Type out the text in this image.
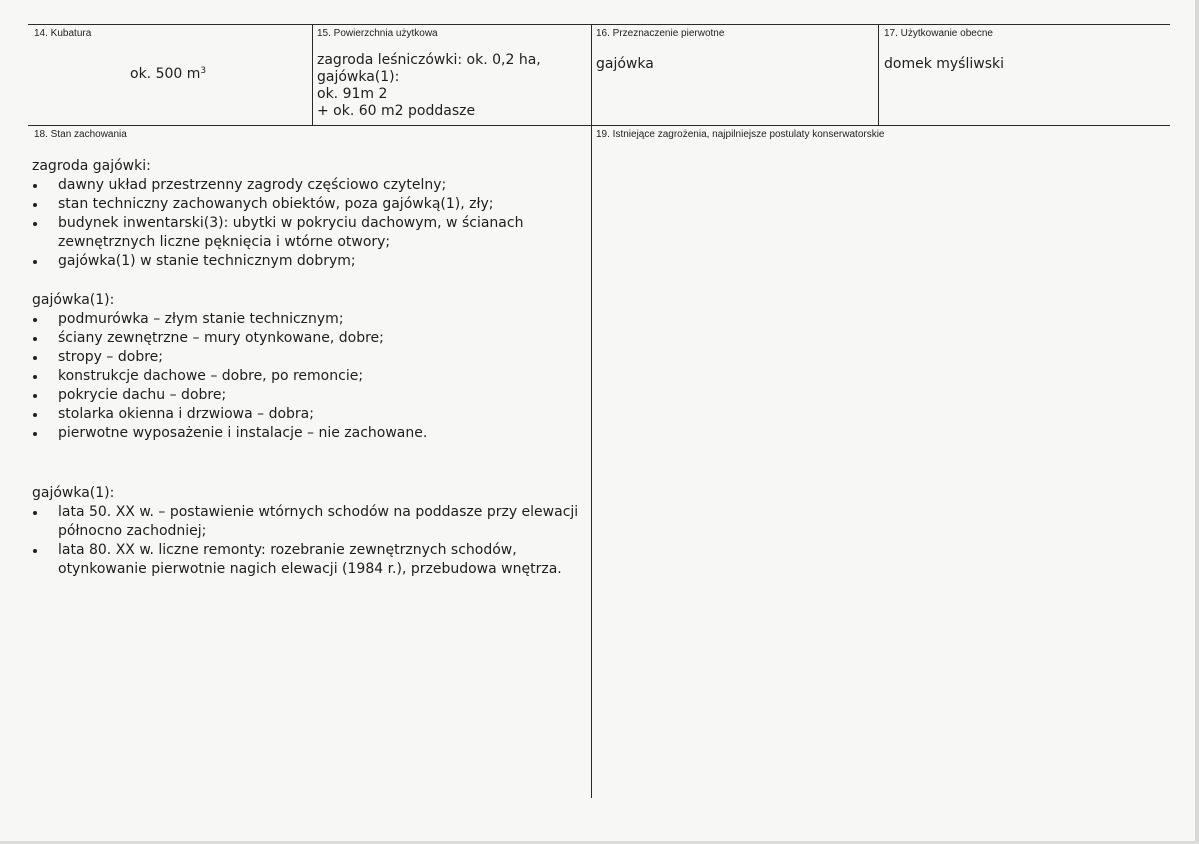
14. Kubatura
ok. 500 $m^3$
15. Powierzchnia użytkowa
zagroda leśniczówki: ok. 0,2 ha,
gajówka(1):
ok. 91m 2
+ ok. 60 m2 poddasze
16. Przeznaczenie pierwotne
gajówka
17. Użytkowanie obecne
domek myśliwski
18. Stan zachowania	19. Istniejące zagrożenia, najpilniejsze postulaty konserwatorskie
zagroda gajówki:
dawny układ przestrzenny zagrody częściowo czytelny;
stan techniczny zachowanych obiektów, poza gajówką(1), zły;
budynek inwentarski(3): ubytki w pokryciu dachowym, w ścianach zewnętrznych liczne pęknięcia i wtórne otwory;
gajówka(1) w stanie technicznym dobrym;
gajówka(1):
podmurówka – złym stanie technicznym;
ściany zewnętrzne – mury otynkowane, dobre;
stropy – dobre;
konstrukcje dachowe – dobre, po remoncie;
pokrycie dachu – dobre;
stolarka okienna i drzwiowa – dobra;
pierwotne wyposażenie i instalacje – nie zachowane.
gajówka(1):
lata 50. XX w. – postawienie wtórnych schodów na poddasze przy elewacji północno zachodniej;
lata 80. XX w. liczne remonty: rozebranie zewnętrznych schodów, otynkowanie pierwotnie nagich elewacji (1984 r.), przebudowa wnętrza.
